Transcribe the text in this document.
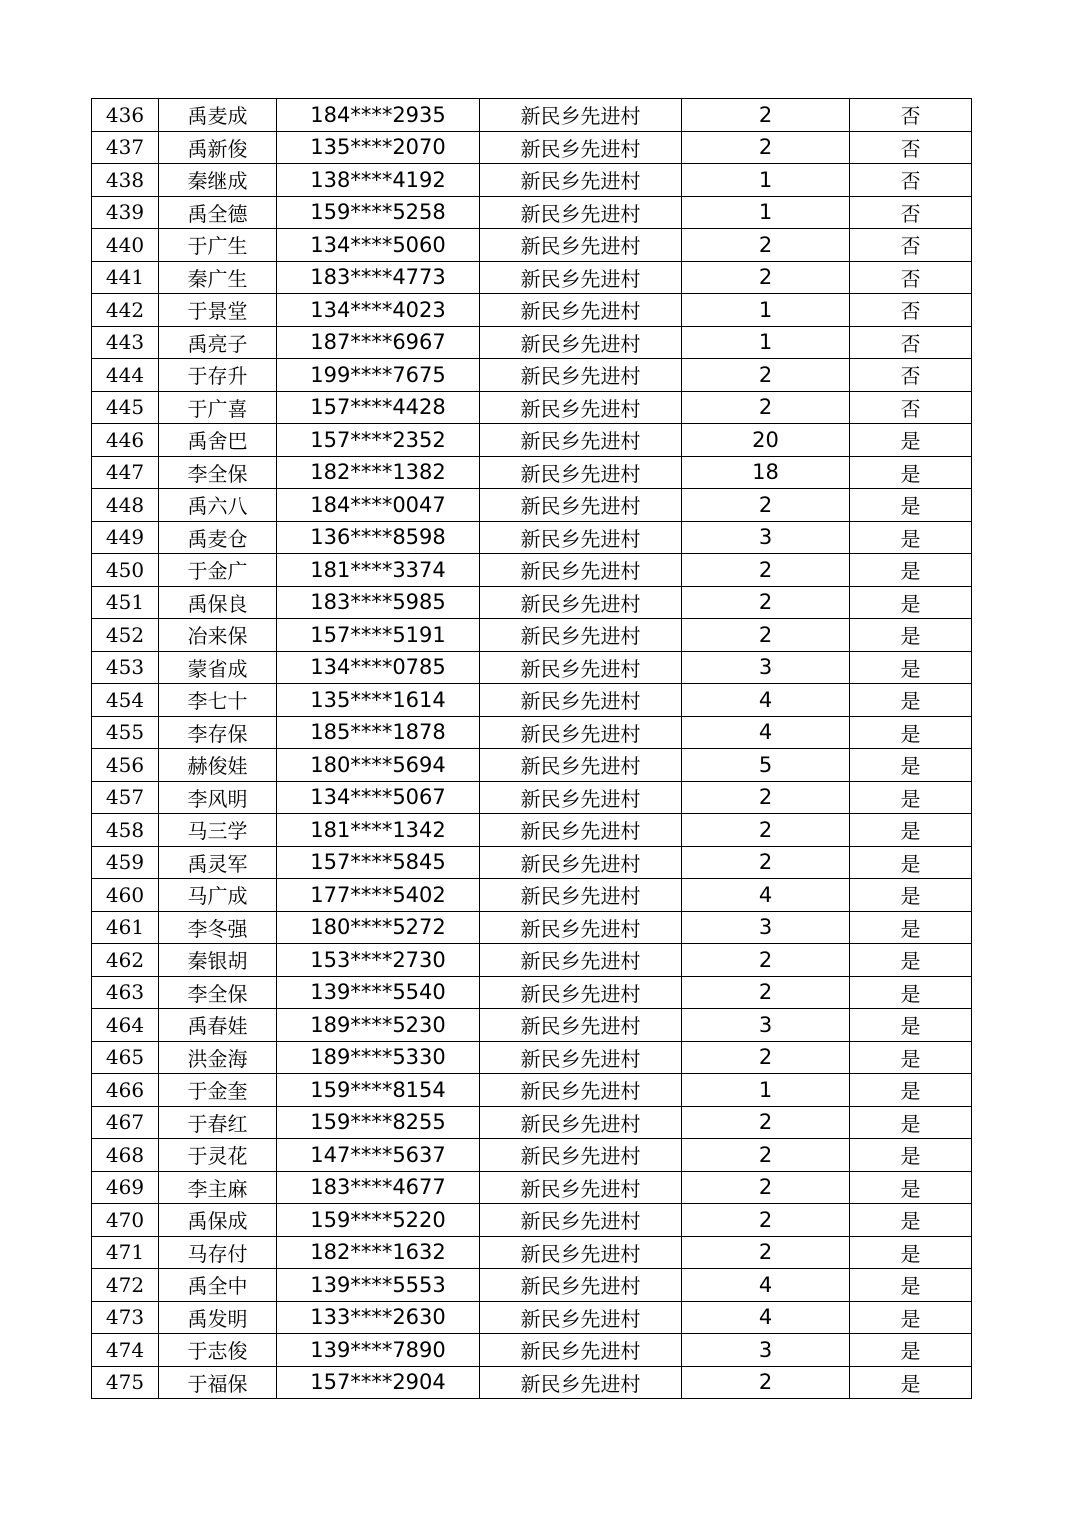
436	禹麦成	184****2935	新民乡先进村	2	否
437	禹新俊	135****2070	新民乡先进村	2	否
438	秦继成	138****4192	新民乡先进村	1	否
439	禹全德	159****5258	新民乡先进村	1	否
440	于广生	134****5060	新民乡先进村	2	否
441	秦广生	183****4773	新民乡先进村	2	否
442	于景堂	134****4023	新民乡先进村	1	否
443	禹亮子	187****6967	新民乡先进村	1	否
444	于存升	199****7675	新民乡先进村	2	否
445	于广喜	157****4428	新民乡先进村	2	否
446	禹舍巴	157****2352	新民乡先进村	20	是
447	李全保	182****1382	新民乡先进村	18	是
448	禹六八	184****0047	新民乡先进村	2	是
449	禹麦仓	136****8598	新民乡先进村	3	是
450	于金广	181****3374	新民乡先进村	2	是
451	禹保良	183****5985	新民乡先进村	2	是
452	冶来保	157****5191	新民乡先进村	2	是
453	蒙省成	134****0785	新民乡先进村	3	是
454	李七十	135****1614	新民乡先进村	4	是
455	李存保	185****1878	新民乡先进村	4	是
456	赫俊娃	180****5694	新民乡先进村	5	是
457	李风明	134****5067	新民乡先进村	2	是
458	马三学	181****1342	新民乡先进村	2	是
459	禹灵军	157****5845	新民乡先进村	2	是
460	马广成	177****5402	新民乡先进村	4	是
461	李冬强	180****5272	新民乡先进村	3	是
462	秦银胡	153****2730	新民乡先进村	2	是
463	李全保	139****5540	新民乡先进村	2	是
464	禹春娃	189****5230	新民乡先进村	3	是
465	洪金海	189****5330	新民乡先进村	2	是
466	于金奎	159****8154	新民乡先进村	1	是
467	于春红	159****8255	新民乡先进村	2	是
468	于灵花	147****5637	新民乡先进村	2	是
469	李主麻	183****4677	新民乡先进村	2	是
470	禹保成	159****5220	新民乡先进村	2	是
471	马存付	182****1632	新民乡先进村	2	是
472	禹全中	139****5553	新民乡先进村	4	是
473	禹发明	133****2630	新民乡先进村	4	是
474	于志俊	139****7890	新民乡先进村	3	是
475	于福保	157****2904	新民乡先进村	2	是
